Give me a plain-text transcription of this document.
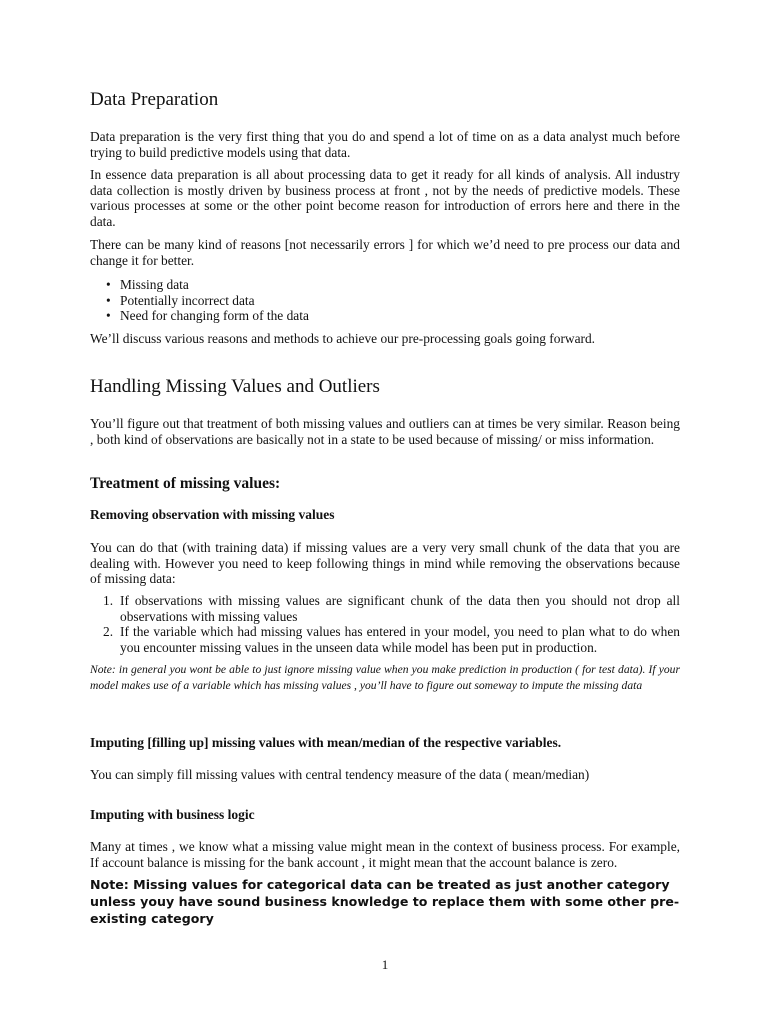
Data Preparation

Data preparation is the very first thing that you do and spend a lot of time on as a data analyst much before trying to build predictive models using that data.

In essence data preparation is all about processing data to get it ready for all kinds of analysis. All industry data collection is mostly driven by business process at front , not by the needs of predictive models. These various processes at some or the other point become reason for introduction of errors here and there in the data.

There can be many kind of reasons [not necessarily errors ] for which we’d need to pre process our data and change it for better.

• Missing data
• Potentially incorrect data
• Need for changing form of the data

We’ll discuss various reasons and methods to achieve our pre-processing goals going forward.

Handling Missing Values and Outliers

You’ll figure out that treatment of both missing values and outliers can at times be very similar. Reason being , both kind of observations are basically not in a state to be used because of missing/ or miss information.

Treatment of missing values:
Removing observation with missing values

You can do that (with training data) if missing values are a very very small chunk of the data that you are dealing with. However you need to keep following things in mind while removing the observations because of missing data:

1. If observations with missing values are significant chunk of the data then you should not drop all observations with missing values
2. If the variable which had missing values has entered in your model, you need to plan what to do when you encounter missing values in the unseen data while model has been put in production.

Note: in general you wont be able to just ignore missing value when you make prediction in production ( for test data). If your model makes use of a variable which has missing values , you’ll have to figure out someway to impute the missing data

Imputing [filling up] missing values with mean/median of the respective variables.

You can simply fill missing values with central tendency measure of the data ( mean/median)

Imputing with business logic

Many at times , we know what a missing value might mean in the context of business process. For example, If account balance is missing for the bank account , it might mean that the account balance is zero.

Note: Missing values for categorical data can be treated as just another category unless youy have sound business knowledge to replace them with some other pre-existing category

1
